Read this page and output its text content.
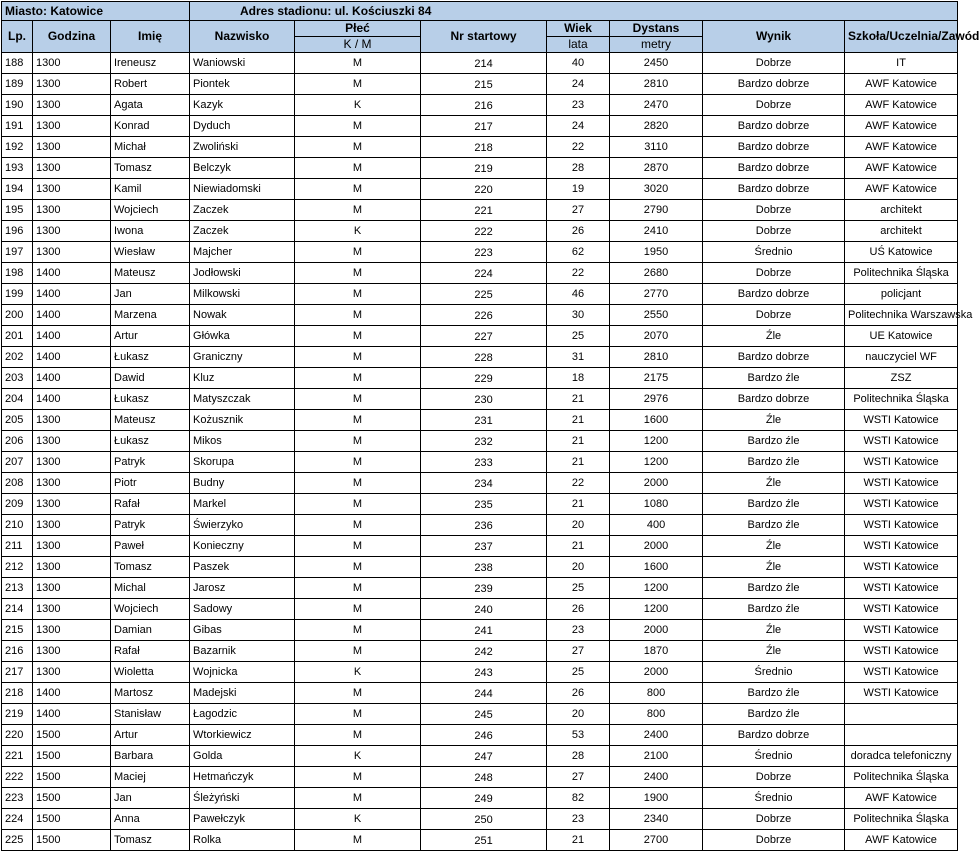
Miasto: Katowice			Adres stadionu: ul. Kościuszki 84						
Lp.	Godzina	Imię	Nazwisko	Płeć	Nr startowy	Wiek	Dystans	Wynik	Szkoła/Uczelnia/Zawód
				K / M		lata	metry		
188	1300	Ireneusz	Waniowski	M	214	40	2450	Dobrze	IT
189	1300	Robert	Piontek	M	215	24	2810	Bardzo dobrze	AWF Katowice
190	1300	Agata	Kazyk	K	216	23	2470	Dobrze	AWF Katowice
191	1300	Konrad	Dyduch	M	217	24	2820	Bardzo dobrze	AWF Katowice
192	1300	Michał	Zwoliński	M	218	22	3110	Bardzo dobrze	AWF Katowice
193	1300	Tomasz	Belczyk	M	219	28	2870	Bardzo dobrze	AWF Katowice
194	1300	Kamil	Niewiadomski	M	220	19	3020	Bardzo dobrze	AWF Katowice
195	1300	Wojciech	Zaczek	M	221	27	2790	Dobrze	architekt
196	1300	Iwona	Zaczek	K	222	26	2410	Dobrze	architekt
197	1300	Wiesław	Majcher	M	223	62	1950	Średnio	UŚ Katowice
198	1400	Mateusz	Jodłowski	M	224	22	2680	Dobrze	Politechnika Śląska
199	1400	Jan	Milkowski	M	225	46	2770	Bardzo dobrze	policjant
200	1400	Marzena	Nowak	M	226	30	2550	Dobrze	Politechnika Warszawska
201	1400	Artur	Główka	M	227	25	2070	Źle	UE Katowice
202	1400	Łukasz	Graniczny	M	228	31	2810	Bardzo dobrze	nauczyciel WF
203	1400	Dawid	Kluz	M	229	18	2175	Bardzo źle	ZSZ
204	1400	Łukasz	Matyszczak	M	230	21	2976	Bardzo dobrze	Politechnika Śląska
205	1300	Mateusz	Kożusznik	M	231	21	1600	Źle	WSTI Katowice
206	1300	Łukasz	Mikos	M	232	21	1200	Bardzo źle	WSTI Katowice
207	1300	Patryk	Skorupa	M	233	21	1200	Bardzo źle	WSTI Katowice
208	1300	Piotr	Budny	M	234	22	2000	Źle	WSTI Katowice
209	1300	Rafał	Markel	M	235	21	1080	Bardzo źle	WSTI Katowice
210	1300	Patryk	Świerzyko	M	236	20	400	Bardzo źle	WSTI Katowice
211	1300	Paweł	Konieczny	M	237	21	2000	Źle	WSTI Katowice
212	1300	Tomasz	Paszek	M	238	20	1600	Źle	WSTI Katowice
213	1300	Michal	Jarosz	M	239	25	1200	Bardzo źle	WSTI Katowice
214	1300	Wojciech	Sadowy	M	240	26	1200	Bardzo źle	WSTI Katowice
215	1300	Damian	Gibas	M	241	23	2000	Źle	WSTI Katowice
216	1300	Rafał	Bazarnik	M	242	27	1870	Źle	WSTI Katowice
217	1300	Wioletta	Wojnicka	K	243	25	2000	Średnio	WSTI Katowice
218	1400	Martosz	Madejski	M	244	26	800	Bardzo źle	WSTI Katowice
219	1400	Stanisław	Łagodzic	M	245	20	800	Bardzo źle	
220	1500	Artur	Wtorkiewicz	M	246	53	2400	Bardzo dobrze	
221	1500	Barbara	Golda	K	247	28	2100	Średnio	doradca telefoniczny
222	1500	Maciej	Hetmańczyk	M	248	27	2400	Dobrze	Politechnika Śląska
223	1500	Jan	Śleżyński	M	249	82	1900	Średnio	AWF Katowice
224	1500	Anna	Pawełczyk	K	250	23	2340	Dobrze	Politechnika Śląska
225	1500	Tomasz	Rolka	M	251	21	2700	Dobrze	AWF Katowice
